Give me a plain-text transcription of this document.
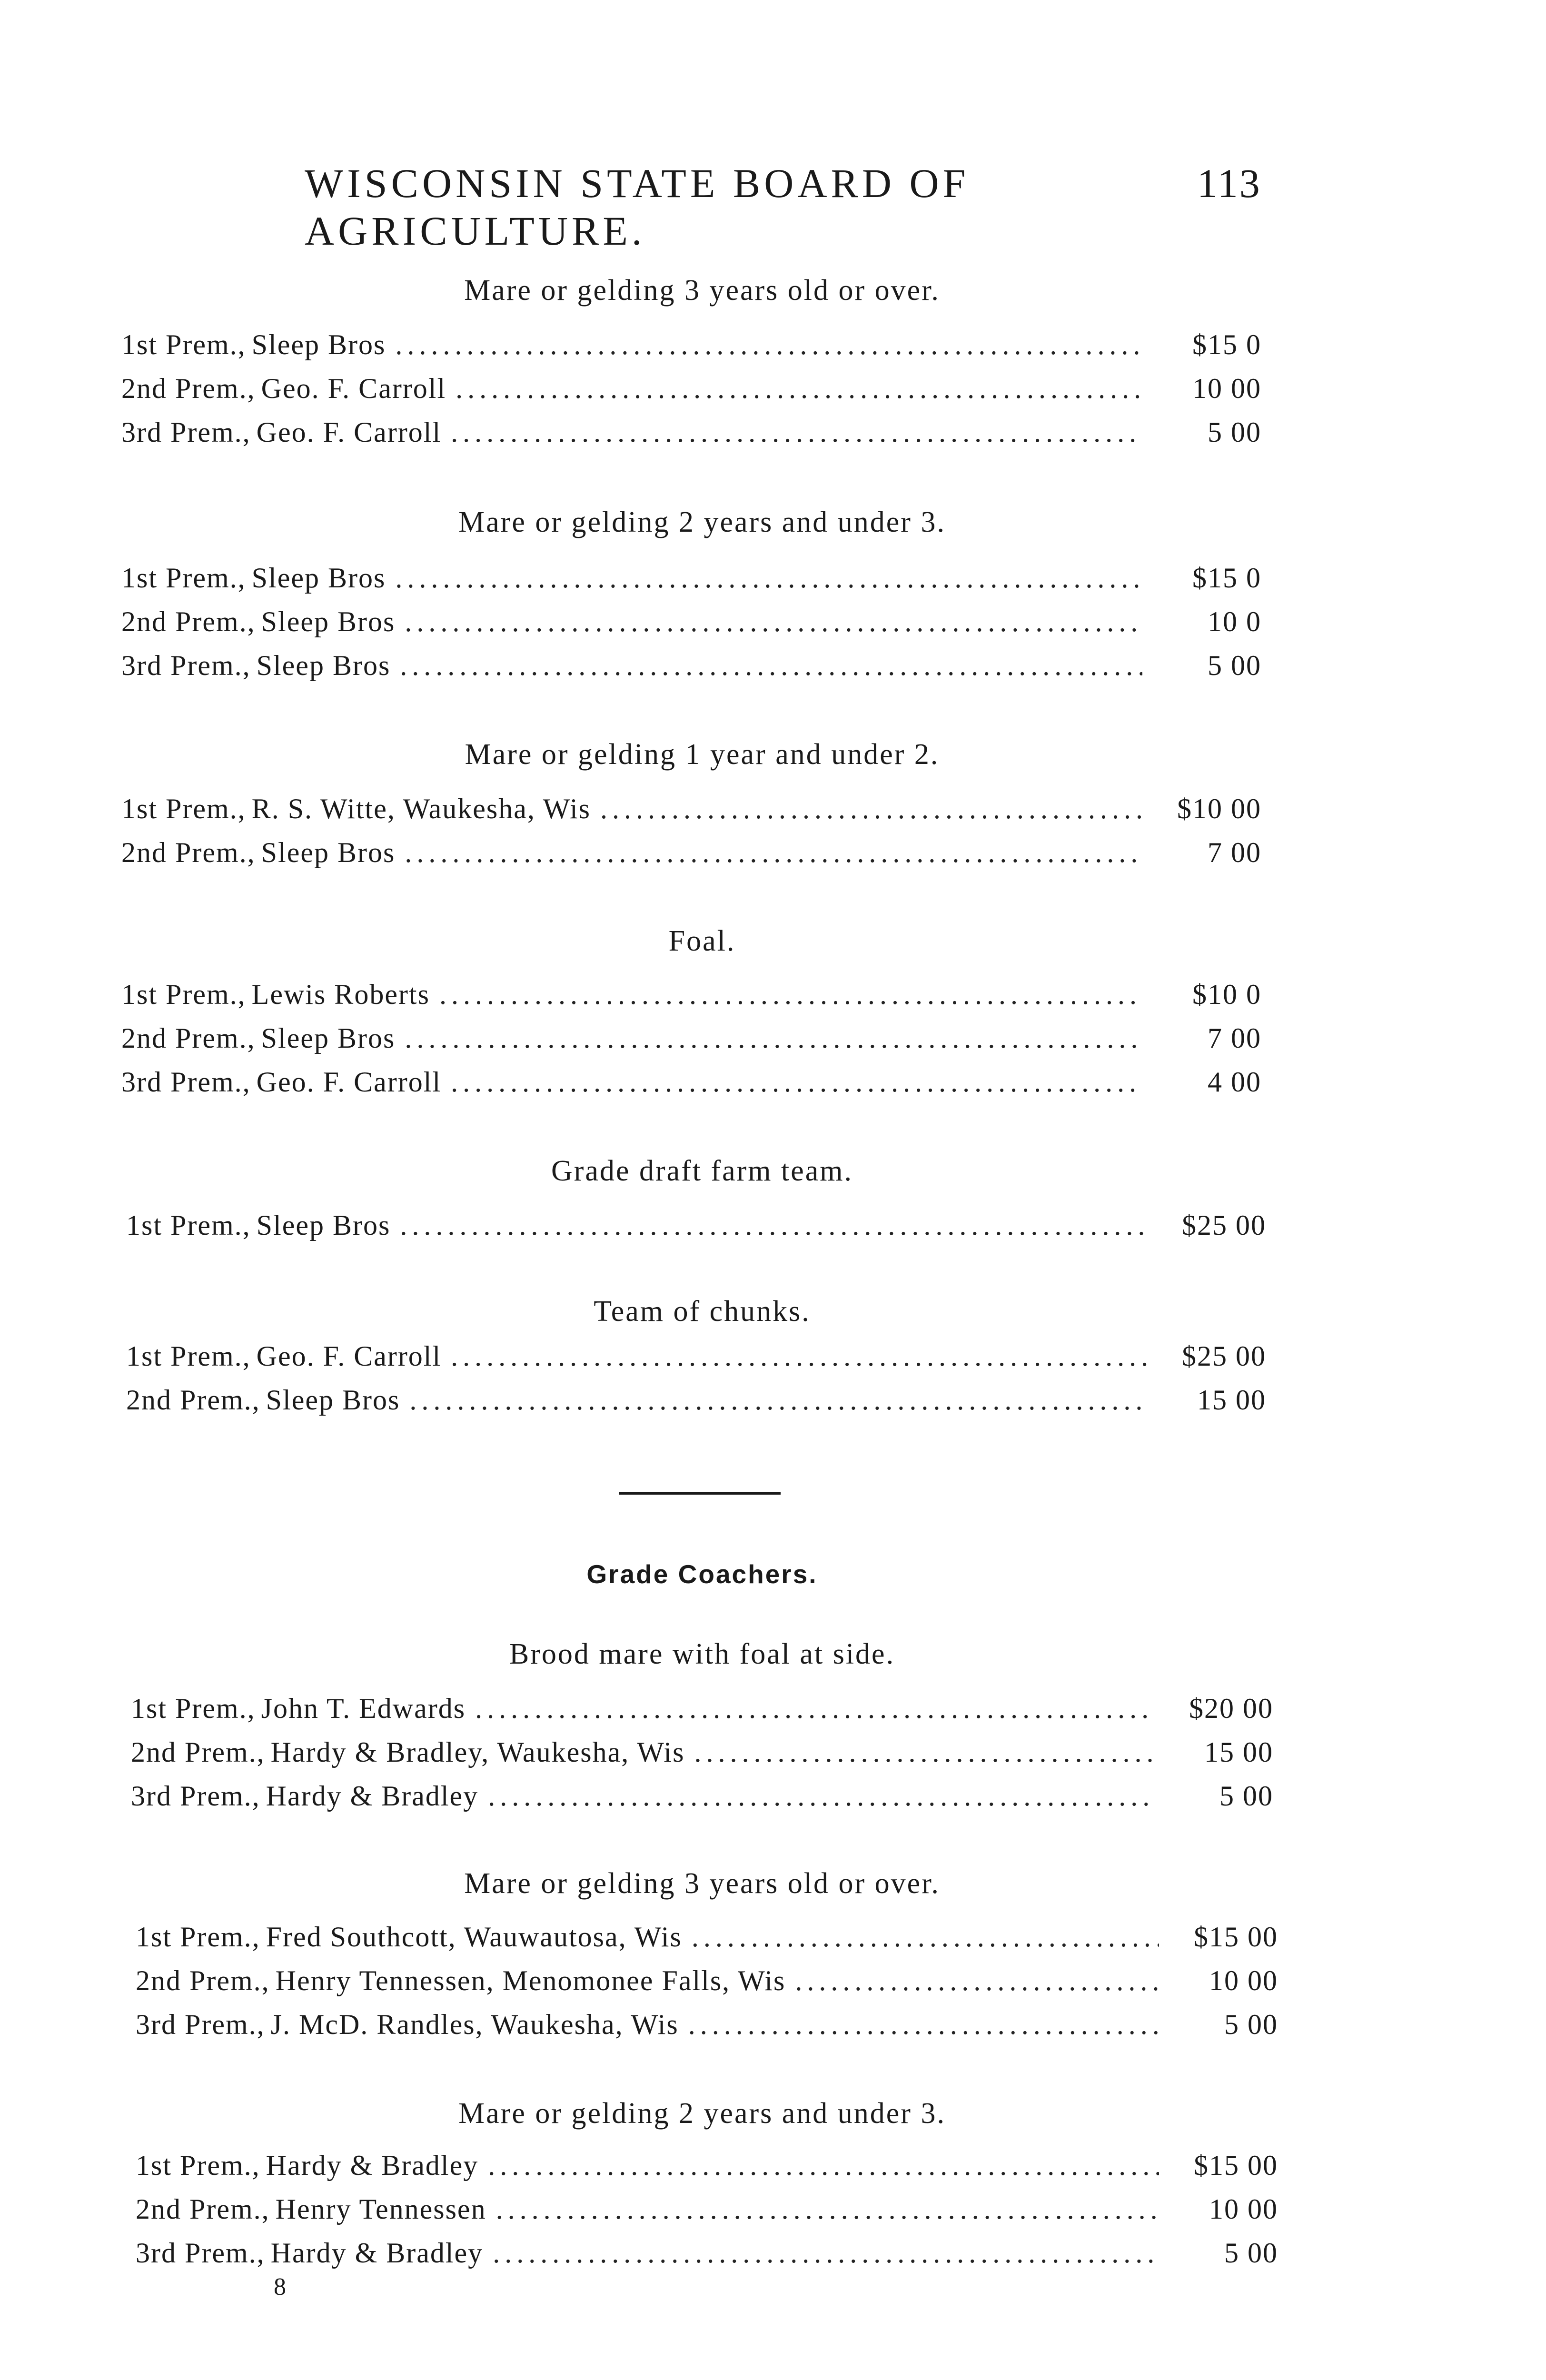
WISCONSIN STATE BOARD OF AGRICULTURE.
113
Mare or gelding 3 years old or over.
1st Prem., Sleep Bros .....	$15 0
2nd Prem., Geo. F. Carroll .....	10 00
3rd Prem., Geo. F. Carroll .....	5 00
Mare or gelding 2 years and under 3.
1st Prem., Sleep Bros .....	$15 0
2nd Prem., Sleep Bros .....	10 0
3rd Prem., Sleep Bros .....	5 00
Mare or gelding 1 year and under 2.
1st Prem., R. S. Witte, Waukesha, Wis .....	$10 00
2nd Prem., Sleep Bros .....	7 00
Foal.
1st Prem., Lewis Roberts .....	$10 0
2nd Prem., Sleep Bros .....	7 00
3rd Prem., Geo. F. Carroll .....	4 00
Grade draft farm team.
1st Prem., Sleep Bros .....	$25 00
Team of chunks.
1st Prem., Geo. F. Carroll .....	$25 00
2nd Prem., Sleep Bros .....	15 00
Grade Coachers.
Brood mare with foal at side.
1st Prem., John T. Edwards .....	$20 00
2nd Prem., Hardy & Bradley, Waukesha, Wis .....	15 00
3rd Prem., Hardy & Bradley .....	5 00
Mare or gelding 3 years old or over.
1st Prem., Fred Southcott, Wauwautosa, Wis .....	$15 00
2nd Prem., Henry Tennessen, Menomonee Falls, Wis .....	10 00
3rd Prem., J. McD. Randles, Waukesha, Wis .....	5 00
Mare or gelding 2 years and under 3.
1st Prem., Hardy & Bradley .....	$15 00
2nd Prem., Henry Tennessen .....	10 00
3rd Prem., Hardy & Bradley .....	5 00
8
